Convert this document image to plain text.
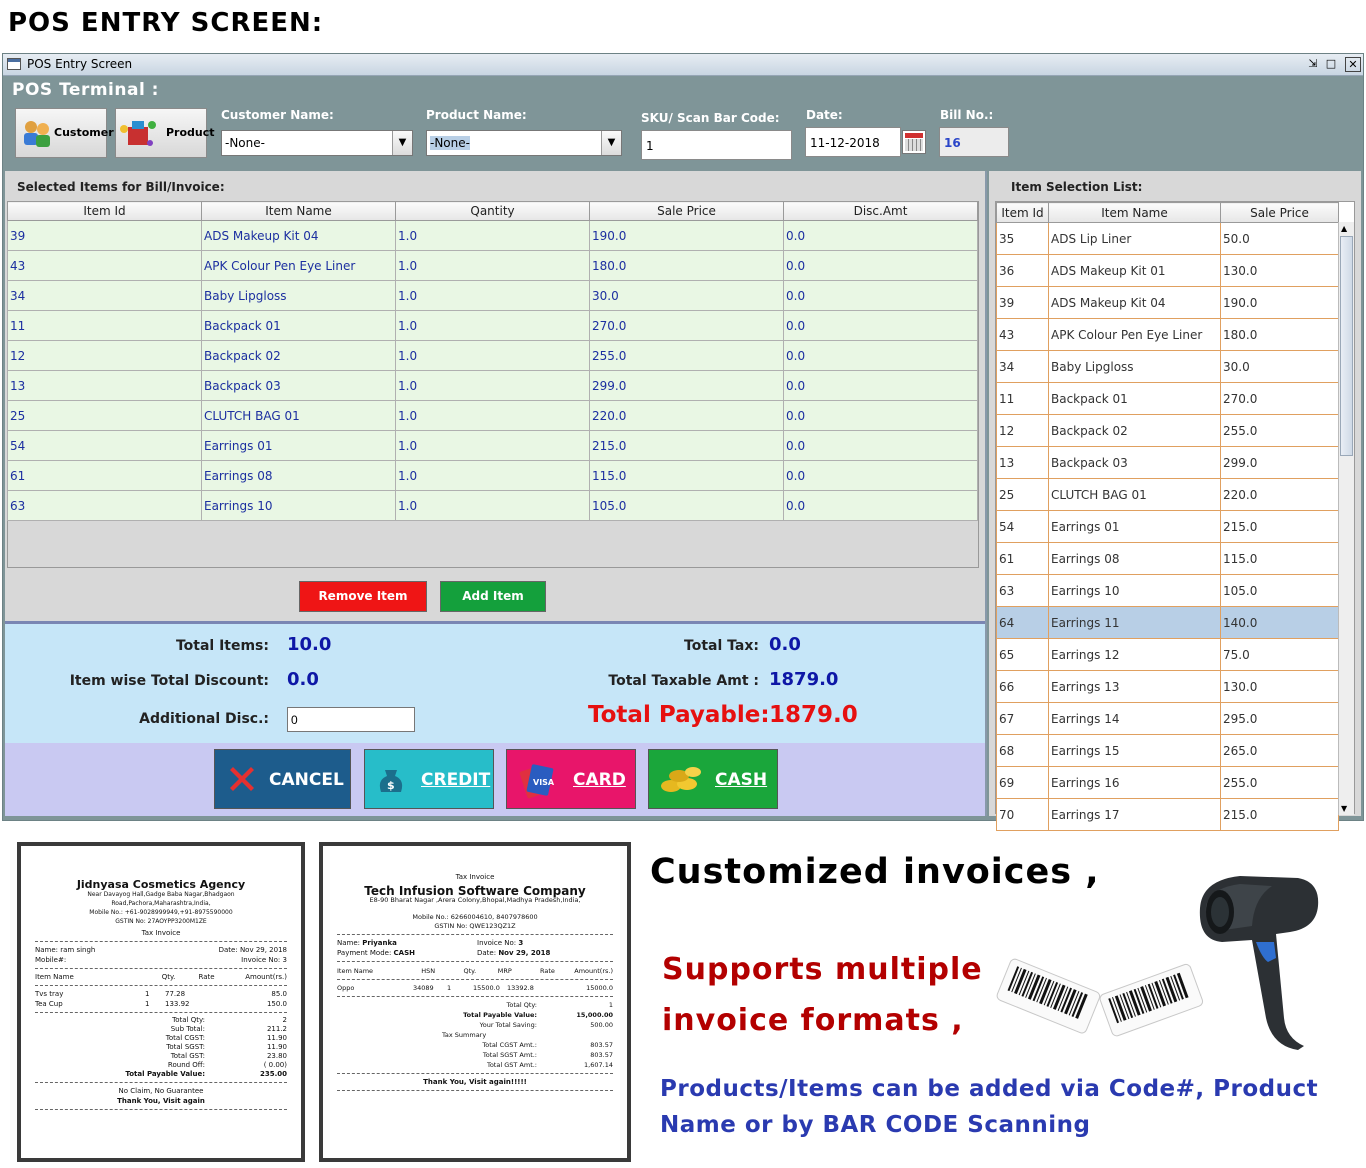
POS ENTRY SCREEN:
POS Entry Screen	⇲ □	✕
POS Terminal :
Customer	Product
Customer Name:
-None-	▼
Product Name:
-None-	▼
SKU/ Scan Bar Code:
1
Date:
11-12-2018
Bill No.:
16
Selected Items for Bill/Invoice:
Item Id	Item Name	Qantity	Sale Price	Disc.Amt
39	ADS Makeup Kit 04	1.0	190.0	0.0
43	APK Colour Pen Eye Liner	1.0	180.0	0.0
34	Baby Lipgloss	1.0	30.0	0.0
11	Backpack 01	1.0	270.0	0.0
12	Backpack 02	1.0	255.0	0.0
13	Backpack 03	1.0	299.0	0.0
25	CLUTCH BAG 01	1.0	220.0	0.0
54	Earrings 01	1.0	215.0	0.0
61	Earrings 08	1.0	115.0	0.0
63	Earrings 10	1.0	105.0	0.0
Remove Item	Add Item
Total Items: 10.0
Item wise Total Discount: 0.0
Additional Disc.:
0
Total Tax: 0.0
Total Taxable Amt : 1879.0
Total Payable: 1879.0
CANCEL	$ CREDIT	VISA CARD	CASH
Item Selection List:
Item Id	Item Name	Sale Price
35	ADS Lip Liner	50.0
36	ADS Makeup Kit 01	130.0
39	ADS Makeup Kit 04	190.0
43	APK Colour Pen Eye Liner	180.0
34	Baby Lipgloss	30.0
11	Backpack 01	270.0
12	Backpack 02	255.0
13	Backpack 03	299.0
25	CLUTCH BAG 01	220.0
54	Earrings 01	215.0
61	Earrings 08	115.0
63	Earrings 10	105.0
64	Earrings 11	140.0
65	Earrings 12	75.0
66	Earrings 13	130.0
67	Earrings 14	295.0
68	Earrings 15	265.0
69	Earrings 16	255.0
70	Earrings 17	215.0
▲
▼
Jidnyasa Cosmetics Agency
Near Davayog Hall,Gadge Baba Nagar,Bhadgaon
Road,Pachora,Maharashtra,India,
Mobile No.: +61-9028999949,+91-8975590000
GSTIN No: 27AOYPP3200M1ZE
Tax Invoice
Name: ram singh	Date: Nov 29, 2018
Mobile#:	Invoice No: 3
Item Name	Qty.	Rate	Amount(rs.)
Tvs tray	1	77.28	85.0
Tea Cup	1	133.92	150.0
Total Qty:	2
Sub Total:	211.2
Total CGST:	11.90
Total SGST:	11.90
Total GST:	23.80
Round Off:	( 0.00)
Total Payable Value:	235.00
No Claim, No Guarantee
Thank You, Visit again
Tax Invoice
Tech Infusion Software Company
E8-90 Bharat Nagar ,Arera Colony,Bhopal,Madhya Pradesh,India,
Mobile No.: 6266004610, 8407978600
GSTIN No: QWE123QZ1Z
Name: Priyanka	Invoice No: 3
Payment Mode: CASH	Date: Nov 29, 2018
Item Name	HSN	Qty.	MRP	Rate	Amount(rs.)
Oppo	34089	1	15500.0	13392.8	15000.0
Total Qty:	1
Total Payable Value:	15,000.00
Your Total Saving:	500.00
Tax Summary
Total CGST Amt.:	803.57
Total SGST Amt.:	803.57
Total GST Amt.:	1,607.14
Thank You, Visit again!!!!!
Customized invoices ,
Supports multiple
invoice formats ,
Products/Items can be added via Code#, Product
Name or by BAR CODE Scanning
